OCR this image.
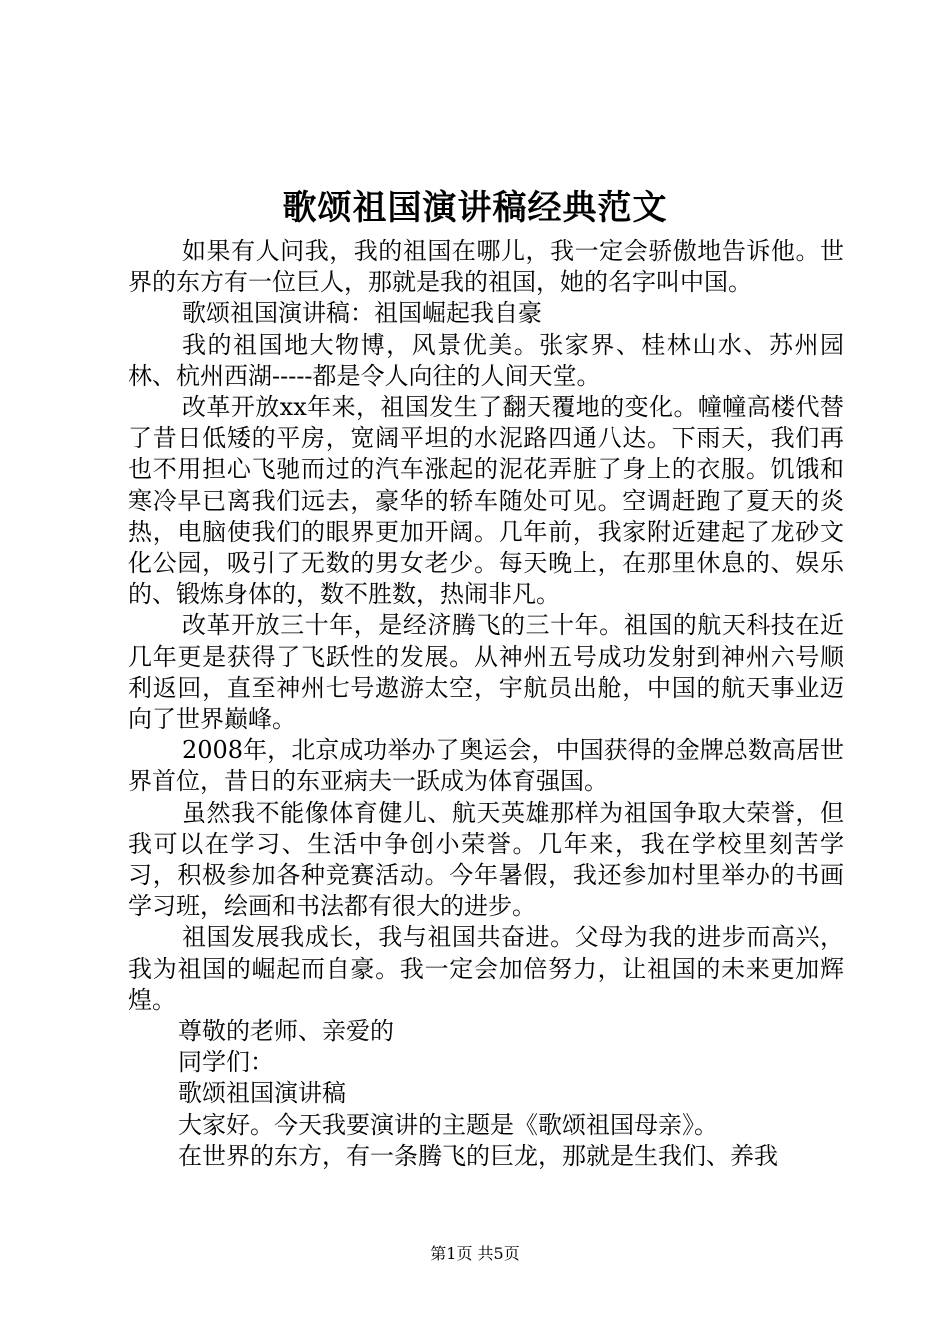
歌颂祖国演讲稿经典范文

如果有人问我，我的祖国在哪儿，我一定会骄傲地告诉他。世界的东方有一位巨人，那就是我的祖国，她的名字叫中国。

歌颂祖国演讲稿：祖国崛起我自豪

我的祖国地大物博，风景优美。张家界、桂林山水、苏州园林、杭州西湖-----都是令人向往的人间天堂。

改革开放xx年来，祖国发生了翻天覆地的变化。幢幢高楼代替了昔日低矮的平房，宽阔平坦的水泥路四通八达。下雨天，我们再也不用担心飞驰而过的汽车涨起的泥花弄脏了身上的衣服。饥饿和寒冷早已离我们远去，豪华的轿车随处可见。空调赶跑了夏天的炎热，电脑使我们的眼界更加开阔。几年前，我家附近建起了龙砂文化公园，吸引了无数的男女老少。每天晚上，在那里休息的、娱乐的、锻炼身体的，数不胜数，热闹非凡。

改革开放三十年，是经济腾飞的三十年。祖国的航天科技在近几年更是获得了飞跃性的发展。从神州五号成功发射到神州六号顺利返回，直至神州七号遨游太空，宇航员出舱，中国的航天事业迈向了世界巅峰。

2008年，北京成功举办了奥运会，中国获得的金牌总数高居世界首位，昔日的东亚病夫一跃成为体育强国。

虽然我不能像体育健儿、航天英雄那样为祖国争取大荣誉，但我可以在学习、生活中争创小荣誉。几年来，我在学校里刻苦学习，积极参加各种竞赛活动。今年暑假，我还参加村里举办的书画学习班，绘画和书法都有很大的进步。

祖国发展我成长，我与祖国共奋进。父母为我的进步而高兴，我为祖国的崛起而自豪。我一定会加倍努力，让祖国的未来更加辉煌。

尊敬的老师、亲爱的

同学们：

歌颂祖国演讲稿

大家好。今天我要演讲的主题是《歌颂祖国母亲》。

在世界的东方，有一条腾飞的巨龙，那就是生我们、养我

第1页 共5页
